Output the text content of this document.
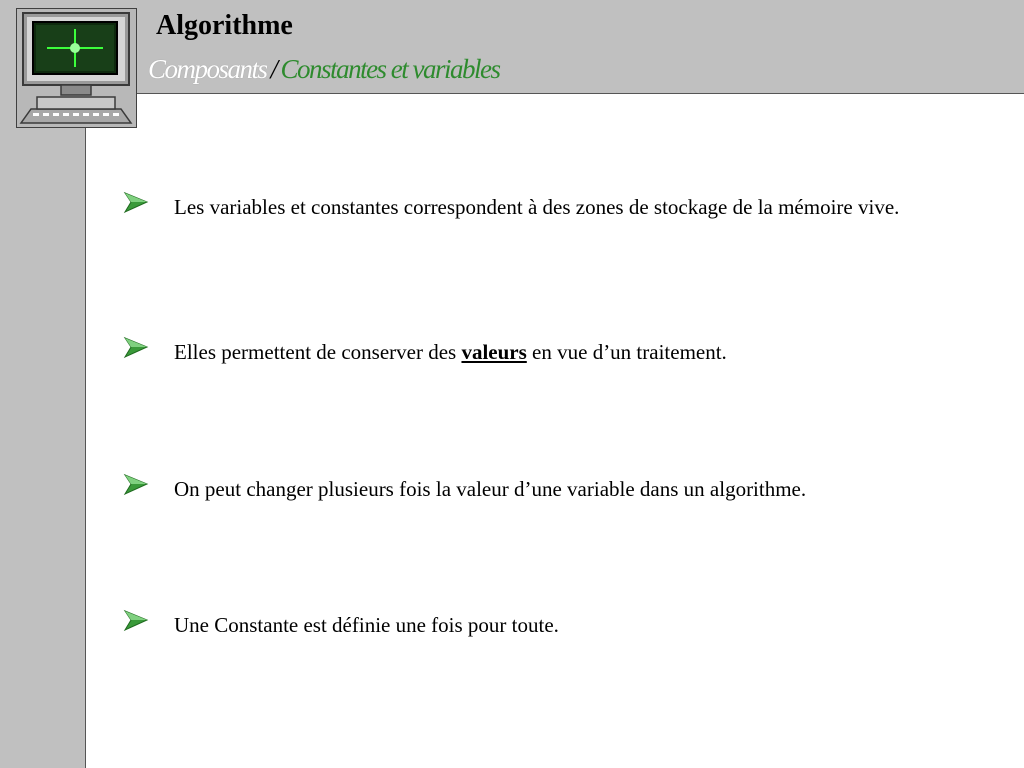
Algorithme
Composants / Constantes et variables
Les variables et constantes correspondent à des zones de stockage de la mémoire vive.
Elles permettent de conserver des valeurs en vue d’un traitement.
On peut changer plusieurs fois la valeur d’une variable dans un algorithme.
Une Constante est définie une fois pour toute.
